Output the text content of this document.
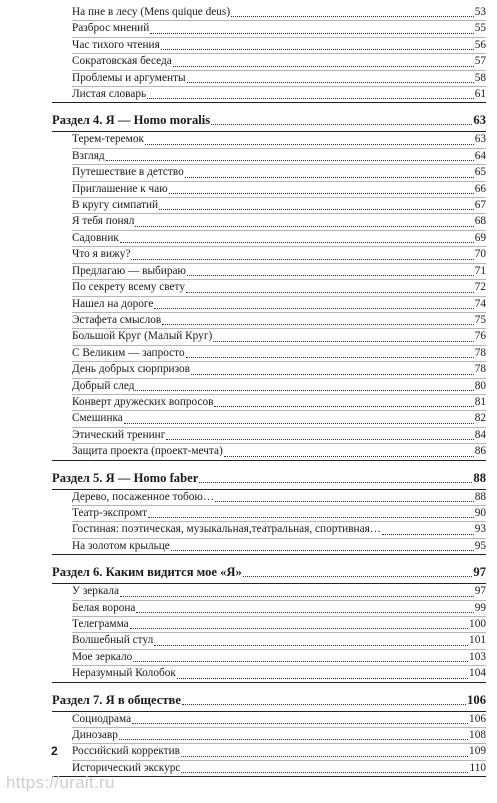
На пне в лесу (Mens quique deus)	53
Разброс мнений	55
Час тихого чтения	56
Сократовская беседа	57
Проблемы и аргументы	58
Листая словарь	61
Раздел 4. Я — Homo moralis	63
Терем-теремок	63
Взгляд	64
Путешествие в детство	65
Приглашение к чаю	66
В кругу симпатий	67
Я тебя понял	68
Садовник	69
Что я вижу?	70
Предлагаю — выбираю	71
По секрету всему свету	72
Нашел на дороге	74
Эстафета смыслов	75
Большой Круг (Малый Круг)	76
С Великим — запросто	78
День добрых сюрпризов	78
Добрый след	80
Конверт дружеских вопросов	81
Смешинка	82
Этический тренинг	84
Защита проекта (проект-мечта)	86
Раздел 5. Я — Homo faber	88
Дерево, посаженное тобою…	88
Театр-экспромт	90
Гостиная: поэтическая, музыкальная,театральная, спортивная…	93
На золотом крыльце	95
Раздел 6. Каким видится мое «Я»	97
У зеркала	97
Белая ворона	99
Телеграмма	100
Волшебный стул	101
Мое зеркало	103
Неразумный Колобок	104
Раздел 7. Я в обществе	106
Социодрама	106
Динозавр	108
Российский корректив	109
Исторический экскурс	110
2
https://urait.ru
